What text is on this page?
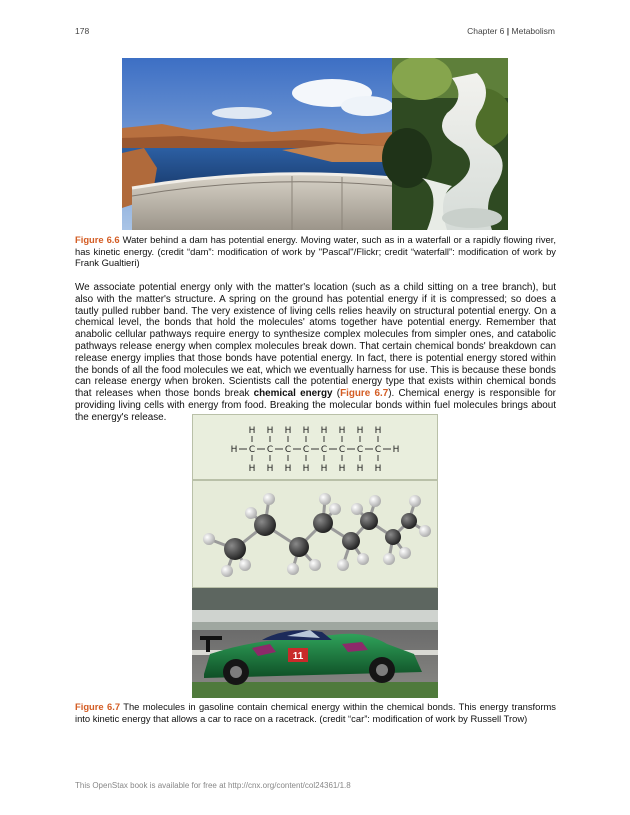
178	Chapter 6 | Metabolism
Figure 6.6 Water behind a dam has potential energy. Moving water, such as in a waterfall or a rapidly flowing river, has kinetic energy. (credit “dam”: modification of work by "Pascal"/Flickr; credit “waterfall”: modification of work by Frank Gualtieri)
We associate potential energy only with the matter's location (such as a child sitting on a tree branch), but also with the matter's structure. A spring on the ground has potential energy if it is compressed; so does a tautly pulled rubber band. The very existence of living cells relies heavily on structural potential energy. On a chemical level, the bonds that hold the molecules' atoms together have potential energy. Remember that anabolic cellular pathways require energy to synthesize complex molecules from simpler ones, and catabolic pathways release energy when complex molecules break down. That certain chemical bonds' breakdown can release energy implies that those bonds have potential energy. In fact, there is potential energy stored within the bonds of all the food molecules we eat, which we eventually harness for use. This is because these bonds can release energy when broken. Scientists call the potential energy type that exists within chemical bonds that releases when those bonds break chemical energy (Figure 6.7). Chemical energy is responsible for providing living cells with energy from food. Breaking the molecular bonds within fuel molecules brings about the energy's release.
H H H H H H H H
H C C C C C C C C H
H H H H H H H H
11
Figure 6.7 The molecules in gasoline contain chemical energy within the chemical bonds. This energy transforms into kinetic energy that allows a car to race on a racetrack. (credit “car”: modification of work by Russell Trow)
This OpenStax book is available for free at http://cnx.org/content/col24361/1.8
